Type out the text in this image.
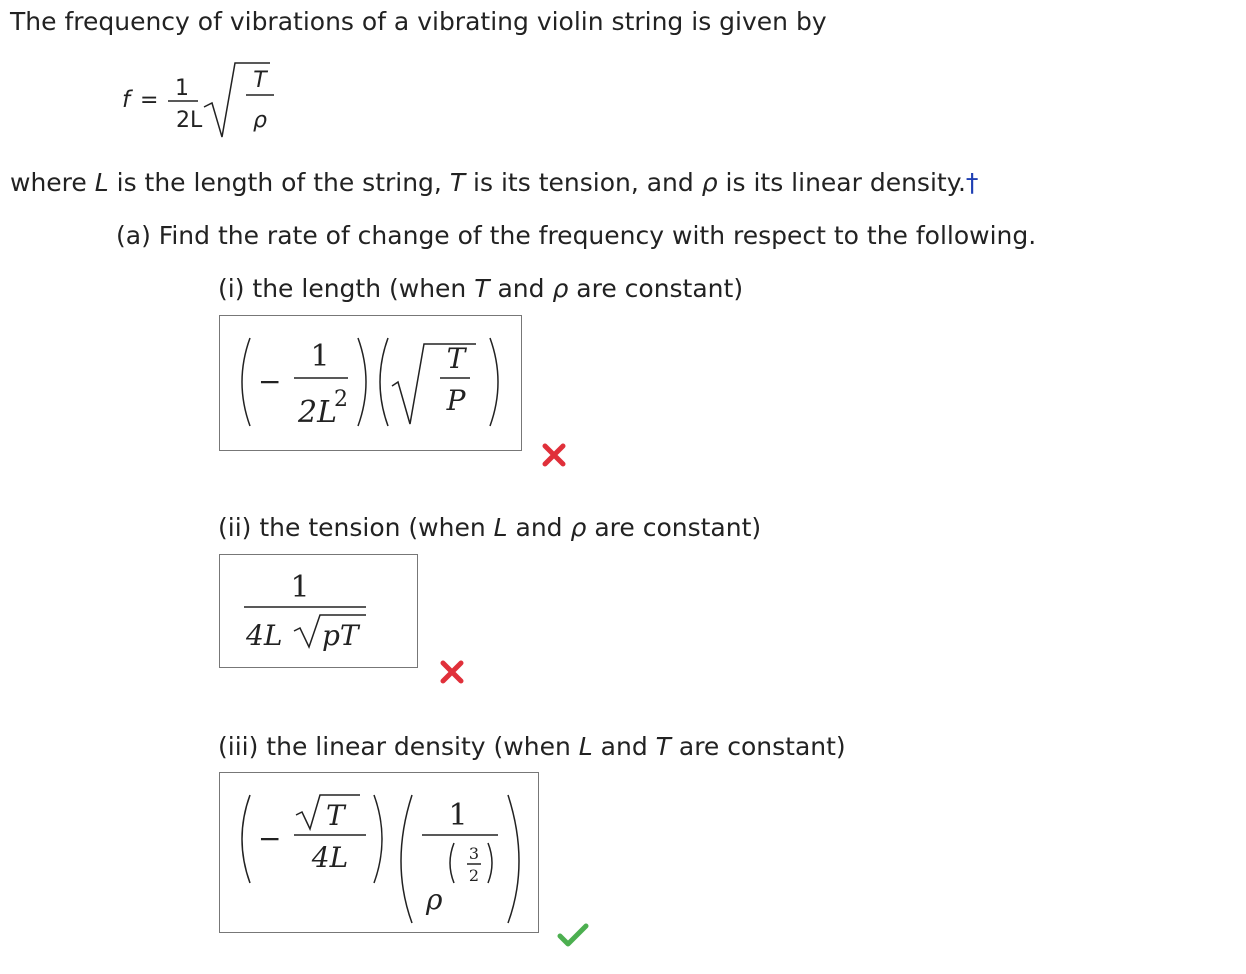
The frequency of vibrations of a vibrating violin string is given by
f = 1
2L
T
ρ
where L is the length of the string, T is its tension, and ρ is its linear density.†
(a) Find the rate of change of the frequency with respect to the following.
(i) the length (when T and ρ are constant)
−
1
2L
2
T
P
(ii) the tension (when L and ρ are constant)
1
4L pT
(iii) the linear density (when L and T are constant)
−
T
4L
1
ρ
3
2
